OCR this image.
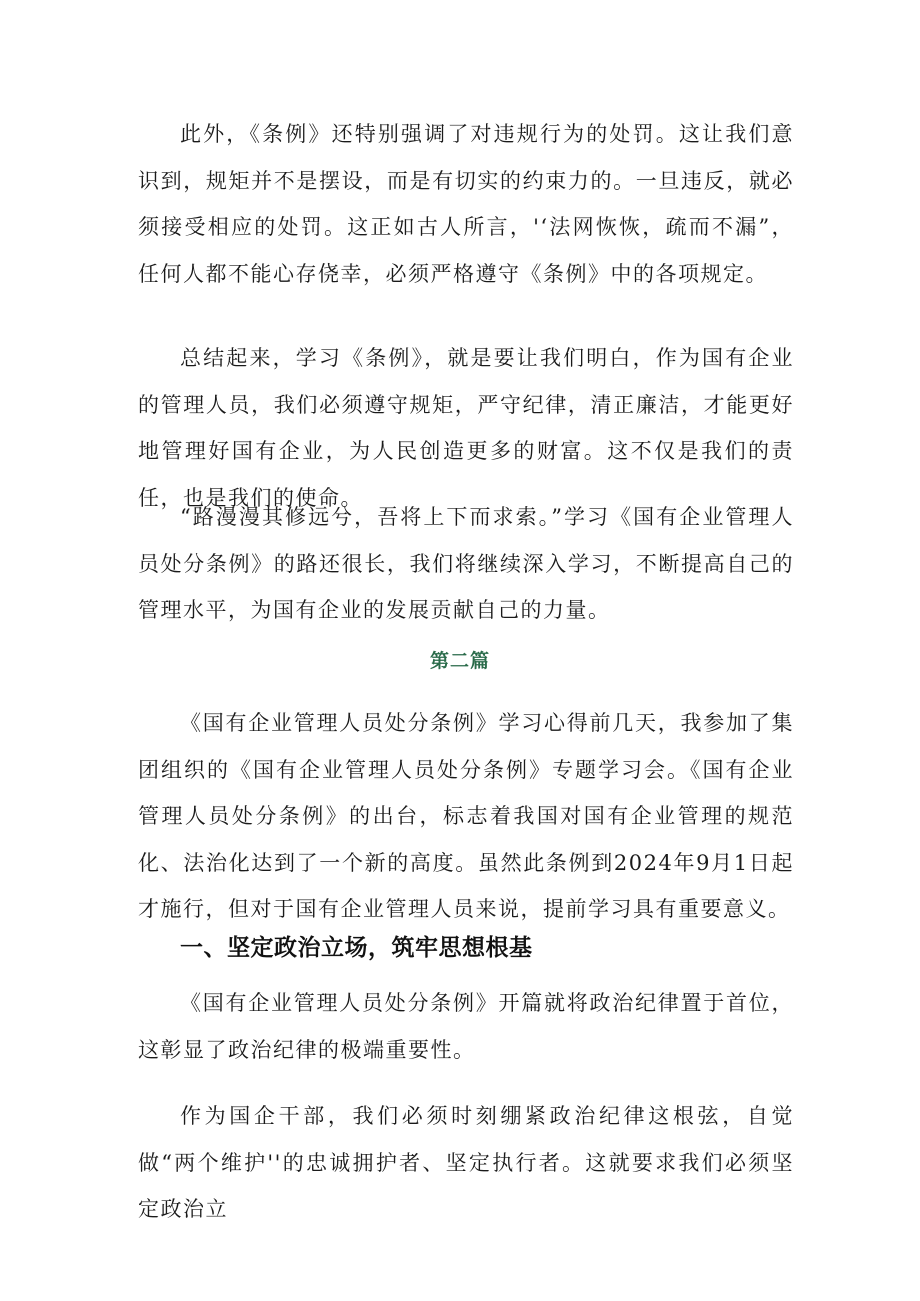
此外，《条例》还特别强调了对违规行为的处罚。这让我们意识到，规矩并不是摆设，而是有切实的约束力的。一旦违反，就必须接受相应的处罚。这正如古人所言，'‘法网恢恢，疏而不漏”，任何人都不能心存侥幸，必须严格遵守《条例》中的各项规定。

总结起来，学习《条例》，就是要让我们明白，作为国有企业的管理人员，我们必须遵守规矩，严守纪律，清正廉洁，才能更好地管理好国有企业，为人民创造更多的财富。这不仅是我们的责任，也是我们的使命。

“路漫漫其修远兮，吾将上下而求索。”学习《国有企业管理人员处分条例》的路还很长，我们将继续深入学习，不断提高自己的管理水平，为国有企业的发展贡献自己的力量。

第二篇

《国有企业管理人员处分条例》学习心得前几天，我参加了集团组织的《国有企业管理人员处分条例》专题学习会。《国有企业管理人员处分条例》的出台，标志着我国对国有企业管理的规范化、法治化达到了一个新的高度。虽然此条例到2024年9月1日起才施行，但对于国有企业管理人员来说，提前学习具有重要意义。

一、坚定政治立场，筑牢思想根基

《国有企业管理人员处分条例》开篇就将政治纪律置于首位，这彰显了政治纪律的极端重要性。

作为国企干部，我们必须时刻绷紧政治纪律这根弦，自觉做“两个维护''的忠诚拥护者、坚定执行者。这就要求我们必须坚定政治立
